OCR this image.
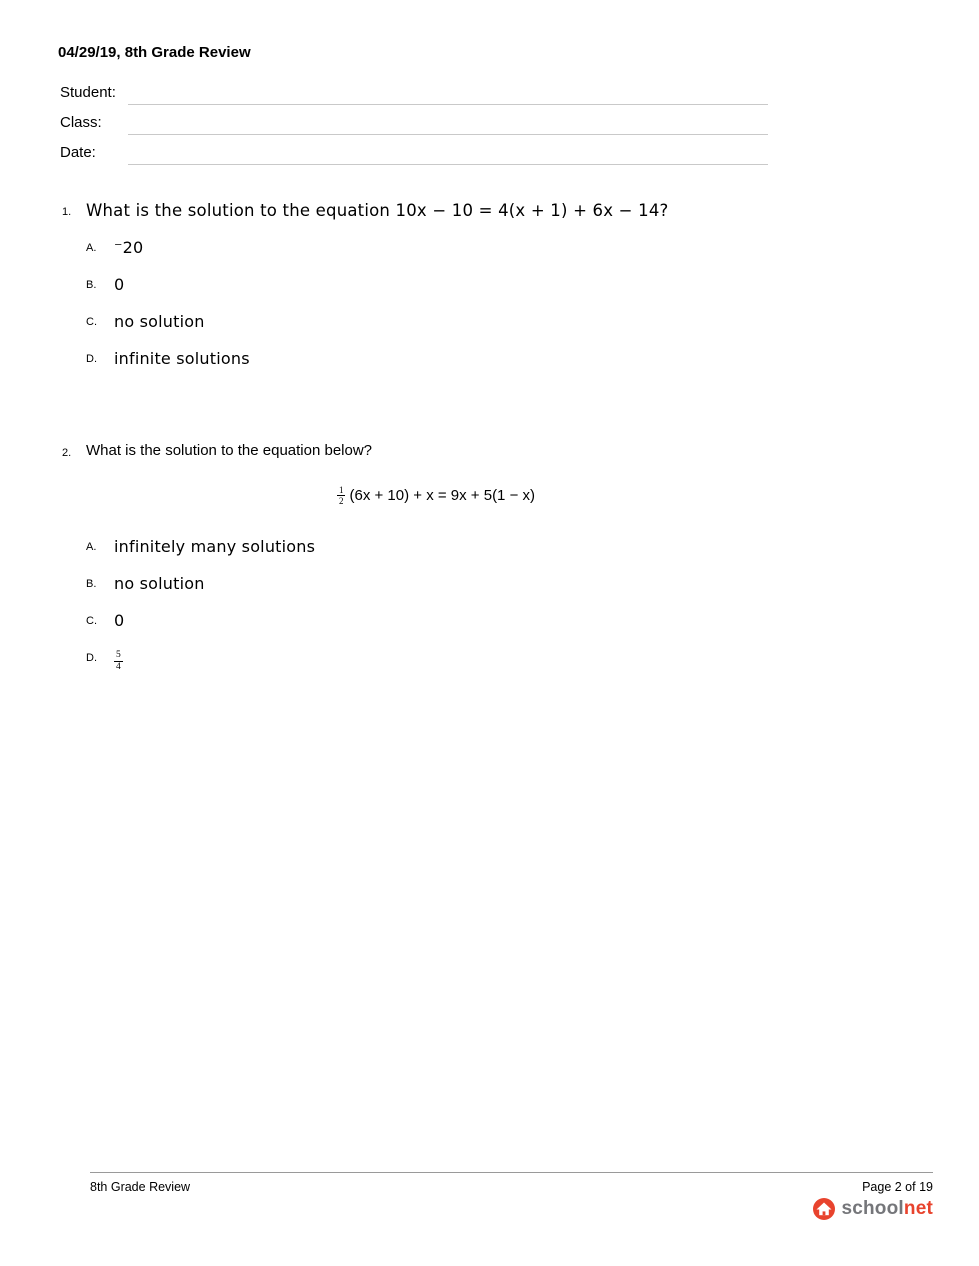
04/29/19, 8th Grade Review
Student:
Class:
Date:
1. What is the solution to the equation 10x − 10 = 4(x + 1) + 6x − 14?
A.	⁻20
B.	0
C.	no solution
D.	infinite solutions
2. What is the solution to the equation below?
$\frac{1}{2} (6x + 10) + x = 9x + 5(1 - x)$
A.	infinitely many solutions
B.	no solution
C.	0
D.	$\frac{5}{4}$
8th Grade Review	Page 2 of 19
schoolnet
